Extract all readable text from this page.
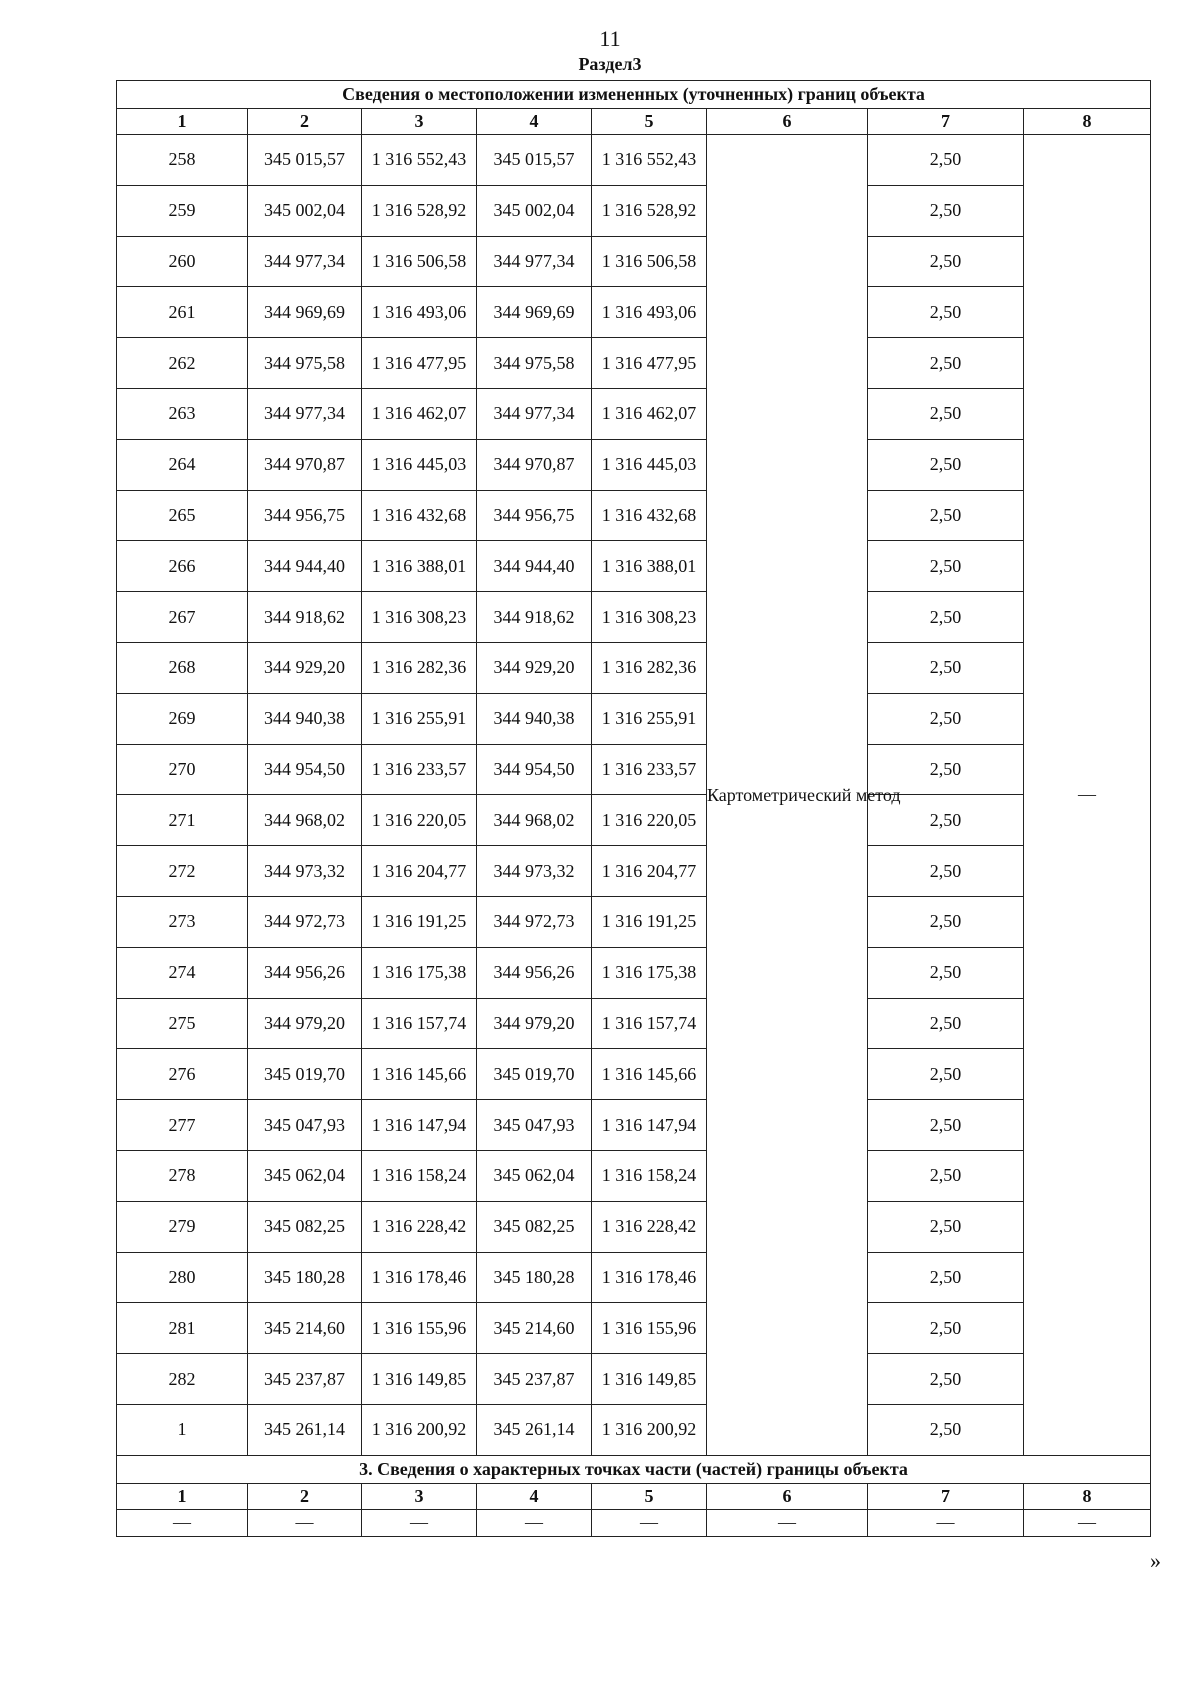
11
Раздел3
Сведения о местоположении измененных (уточненных) границ объекта							
1	2	3	4	5	6	7	8
258	345 015,57	1 316 552,43	345 015,57	1 316 552,43	Картометрический метод	2,50	—
259	345 002,04	1 316 528,92	345 002,04	1 316 528,92		2,50	
260	344 977,34	1 316 506,58	344 977,34	1 316 506,58		2,50	
261	344 969,69	1 316 493,06	344 969,69	1 316 493,06		2,50	
262	344 975,58	1 316 477,95	344 975,58	1 316 477,95		2,50	
263	344 977,34	1 316 462,07	344 977,34	1 316 462,07		2,50	
264	344 970,87	1 316 445,03	344 970,87	1 316 445,03		2,50	
265	344 956,75	1 316 432,68	344 956,75	1 316 432,68		2,50	
266	344 944,40	1 316 388,01	344 944,40	1 316 388,01		2,50	
267	344 918,62	1 316 308,23	344 918,62	1 316 308,23		2,50	
268	344 929,20	1 316 282,36	344 929,20	1 316 282,36		2,50	
269	344 940,38	1 316 255,91	344 940,38	1 316 255,91		2,50	
270	344 954,50	1 316 233,57	344 954,50	1 316 233,57		2,50	
271	344 968,02	1 316 220,05	344 968,02	1 316 220,05		2,50	
272	344 973,32	1 316 204,77	344 973,32	1 316 204,77		2,50	
273	344 972,73	1 316 191,25	344 972,73	1 316 191,25		2,50	
274	344 956,26	1 316 175,38	344 956,26	1 316 175,38		2,50	
275	344 979,20	1 316 157,74	344 979,20	1 316 157,74		2,50	
276	345 019,70	1 316 145,66	345 019,70	1 316 145,66		2,50	
277	345 047,93	1 316 147,94	345 047,93	1 316 147,94		2,50	
278	345 062,04	1 316 158,24	345 062,04	1 316 158,24		2,50	
279	345 082,25	1 316 228,42	345 082,25	1 316 228,42		2,50	
280	345 180,28	1 316 178,46	345 180,28	1 316 178,46		2,50	
281	345 214,60	1 316 155,96	345 214,60	1 316 155,96		2,50	
282	345 237,87	1 316 149,85	345 237,87	1 316 149,85		2,50	
1	345 261,14	1 316 200,92	345 261,14	1 316 200,92		2,50	
3. Сведения о характерных точках части (частей) границы объекта							
1	2	3	4	5	6	7	8
—	—	—	—	—	—	—	—
»
